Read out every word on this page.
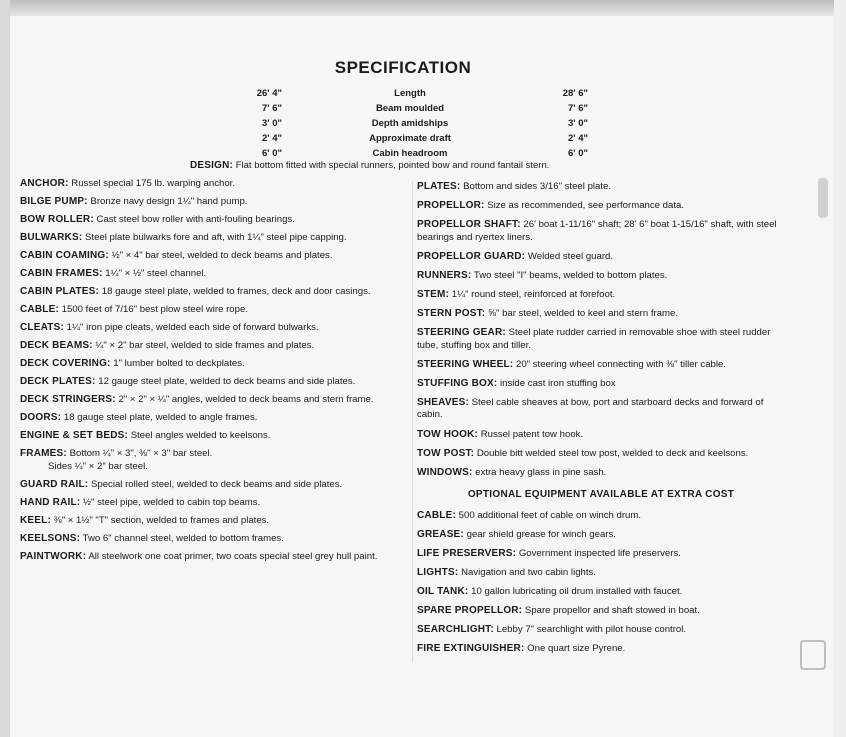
SPECIFICATION
26' 4"	Length	28' 6"
7' 6"	Beam moulded	7' 6"
3' 0"	Depth amidships	3' 0"
2' 4"	Approximate draft	2' 4"
6' 0"	Cabin headroom	6' 0"
DESIGN: Flat bottom fitted with special runners, pointed bow and round fantail stern.
ANCHOR: Russel special 175 lb. warping anchor.
BILGE PUMP: Bronze navy design 1¼" hand pump.
BOW ROLLER: Cast steel bow roller with anti-fouling bearings.
BULWARKS: Steel plate bulwarks fore and aft, with 1¼" steel pipe capping.
CABIN COAMING: ½" × 4" bar steel, welded to deck beams and plates.
CABIN FRAMES: 1¼" × ½" steel channel.
CABIN PLATES: 18 gauge steel plate, welded to frames, deck and door casings.
CABLE: 1500 feet of 7/16" best plow steel wire rope.
CLEATS: 1¼" iron pipe cleats, welded each side of forward bulwarks.
DECK BEAMS: ¼" × 2" bar steel, welded to side frames and plates.
DECK COVERING: 1" lumber bolted to deckplates.
DECK PLATES: 12 gauge steel plate, welded to deck beams and side plates.
DECK STRINGERS: 2" × 2" × ¼" angles, welded to deck beams and stern frame.
DOORS: 18 gauge steel plate, welded to angle frames.
ENGINE & SET BEDS: Steel angles welded to keelsons.
FRAMES: Bottom ¼" × 3", ⅜" × 3" bar steel.
Sides ¼" × 2" bar steel.
GUARD RAIL: Special rolled steel, welded to deck beams and side plates.
HAND RAIL: ½" steel pipe, welded to cabin top beams.
KEEL: ⅜" × 1½" "T" section, welded to frames and plates.
KEELSONS: Two 6" channel steel, welded to bottom frames.
PAINTWORK: All steelwork one coat primer, two coats special steel grey hull paint.
PLATES: Bottom and sides 3/16" steel plate.
PROPELLOR: Size as recommended, see performance data.
PROPELLOR SHAFT: 26' boat 1-11/16" shaft; 28' 6" boat 1-15/16" shaft, with steel bearings and ryertex liners.
PROPELLOR GUARD: Welded steel guard.
RUNNERS: Two steel "I" beams, welded to bottom plates.
STEM: 1¼" round steel, reinforced at forefoot.
STERN POST: ⅝" bar steel, welded to keel and stern frame.
STEERING GEAR: Steel plate rudder carried in removable shoe with steel rudder tube, stuffing box and tiller.
STEERING WHEEL: 20" steering wheel connecting with ⅜" tiller cable.
STUFFING BOX: inside cast iron stuffing box
SHEAVES: Steel cable sheaves at bow, port and starboard decks and forward of cabin.
TOW HOOK: Russel patent tow hook.
TOW POST: Double bitt welded steel tow post, welded to deck and keelsons.
WINDOWS: extra heavy glass in pine sash.
OPTIONAL EQUIPMENT AVAILABLE AT EXTRA COST
CABLE: 500 additional feet of cable on winch drum.
GREASE: gear shield grease for winch gears.
LIFE PRESERVERS: Government inspected life preservers.
LIGHTS: Navigation and two cabin lights.
OIL TANK: 10 gallon lubricating oil drum installed with faucet.
SPARE PROPELLOR: Spare propellor and shaft stowed in boat.
SEARCHLIGHT: Lebby 7" searchlight with pilot house control.
FIRE EXTINGUISHER: One quart size Pyrene.
